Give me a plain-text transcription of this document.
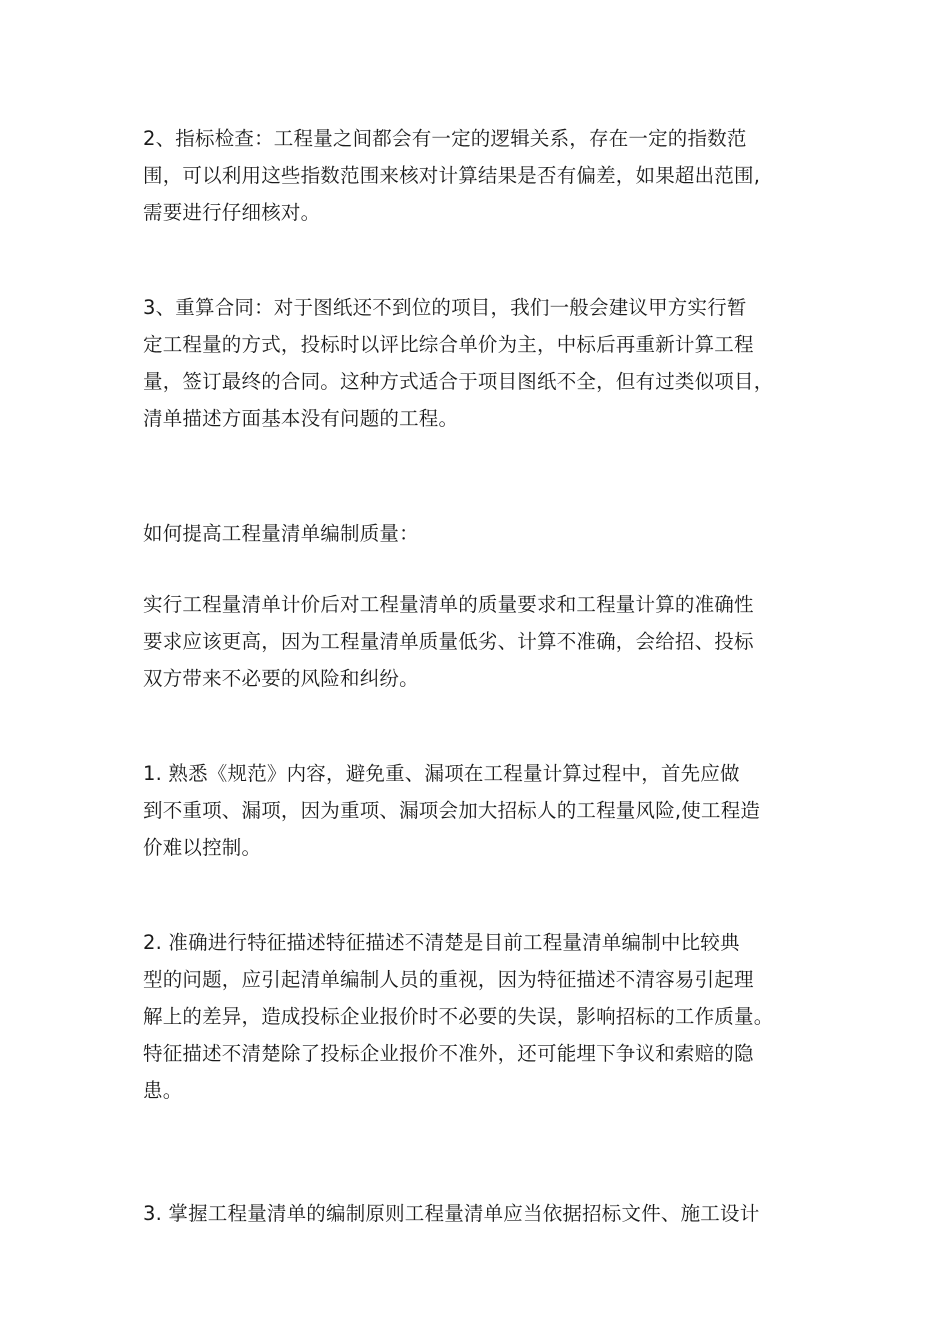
2、指标检查：工程量之间都会有一定的逻辑关系，存在一定的指数范
围，可以利用这些指数范围来核对计算结果是否有偏差，如果超出范围,
需要进行仔细核对。
3、重算合同：对于图纸还不到位的项目，我们一般会建议甲方实行暂
定工程量的方式，投标时以评比综合单价为主，中标后再重新计算工程
量，签订最终的合同。这种方式适合于项目图纸不全，但有过类似项目，
清单描述方面基本没有问题的工程。
如何提高工程量清单编制质量：
实行工程量清单计价后对工程量清单的质量要求和工程量计算的准确性
要求应该更高，因为工程量清单质量低劣、计算不准确，会给招、投标
双方带来不必要的风险和纠纷。
1. 熟悉《规范》内容，避免重、漏项在工程量计算过程中，首先应做
到不重项、漏项，因为重项、漏项会加大招标人的工程量风险,使工程造
价难以控制。
2. 准确进行特征描述特征描述不清楚是目前工程量清单编制中比较典
型的问题，应引起清单编制人员的重视，因为特征描述不清容易引起理
解上的差异，造成投标企业报价时不必要的失误，影响招标的工作质量。
特征描述不清楚除了投标企业报价不准外，还可能埋下争议和索赔的隐
患。
3. 掌握工程量清单的编制原则工程量清单应当依据招标文件、施工设计
